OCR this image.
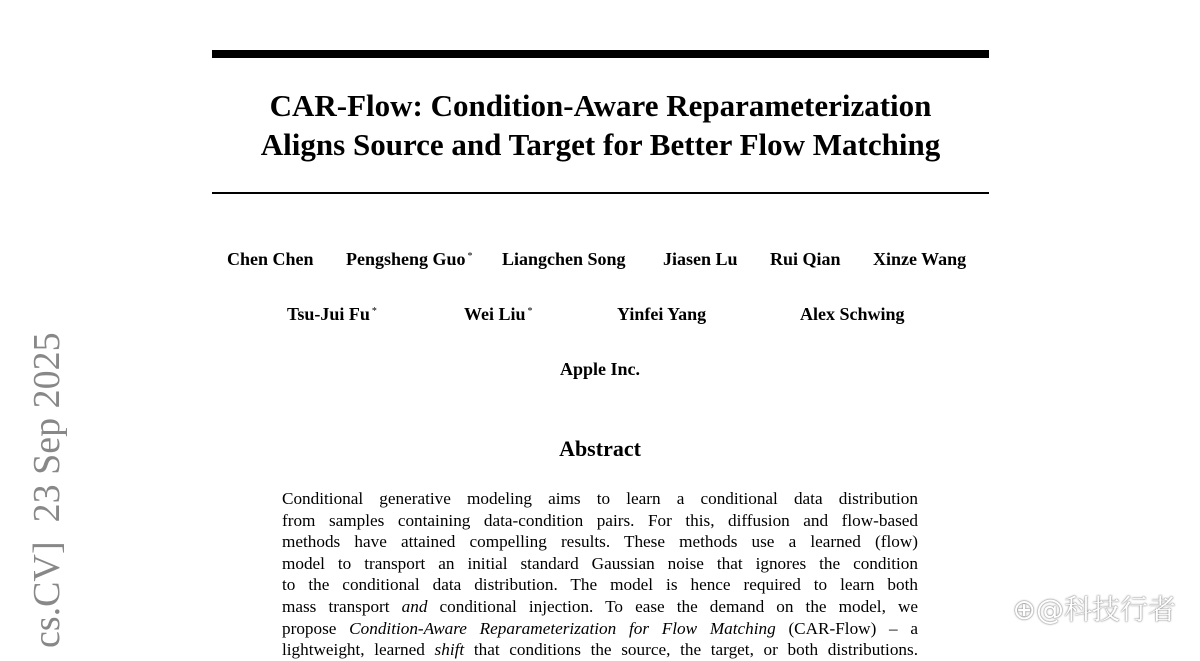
CAR-Flow: Condition-Aware Reparameterization
Aligns Source and Target for Better Flow Matching
Chen Chen Pengsheng Guo * Liangchen Song Jiasen Lu Rui Qian Xinze Wang
Tsu-Jui Fu *	Wei Liu *	Yinfei Yang	Alex Schwing
Apple Inc.
Abstract
Conditional generative modeling aims to learn a conditional data distribution
from samples containing data-condition pairs. For this, diffusion and flow-based
methods have attained compelling results. These methods use a learned (flow)
model to transport an initial standard Gaussian noise that ignores the condition
to the conditional data distribution. The model is hence required to learn both
mass transport and conditional injection. To ease the demand on the model, we
propose Condition-Aware Reparameterization for Flow Matching (CAR-Flow) – a
lightweight, learned shift that conditions the source, the target, or both distributions.
cs.CV]  23 Sep 2025	⊕@科技行者
